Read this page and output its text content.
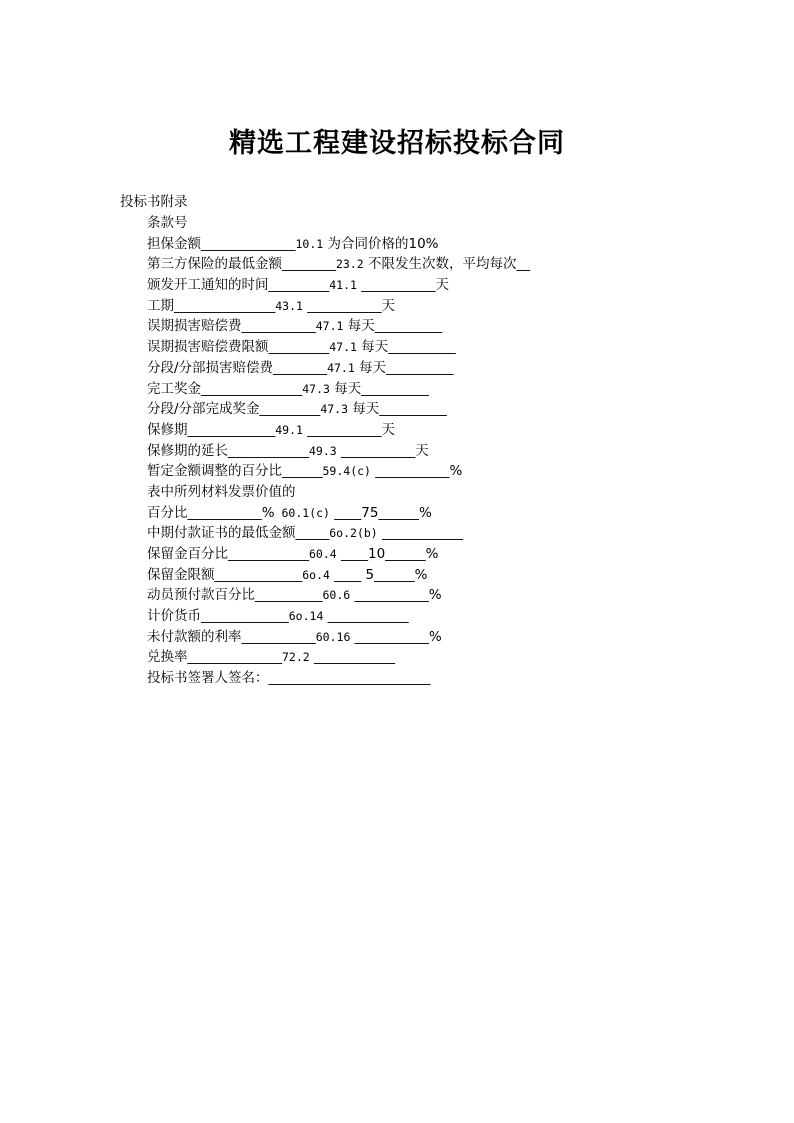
精选工程建设招标投标合同
投标书附录
条款号
担保金额______________10.1 为合同价格的10%
第三方保险的最低金额________23.2 不限发生次数，平均每次__
颁发开工通知的时间_________41.1 ___________天
工期_______________43.1 ___________天
误期损害赔偿费___________47.1 每天__________
误期损害赔偿费限额_________47.1 每天__________
分段/分部损害赔偿费________47.1 每天__________
完工奖金_______________47.3 每天__________
分段/分部完成奖金_________47.3 每天__________
保修期_____________49.1 ___________天
保修期的延长____________49.3 ___________天
暂定金额调整的百分比______59.4(c) ___________%
表中所列材料发票价值的
百分比___________% 60.1(c) ____75______%
中期付款证书的最低金额_____6o.2(b) ____________
保留金百分比____________60.4 ____10______%
保留金限额_____________6o.4 ____ 5______%
动员预付款百分比__________60.6 ___________%
计价货币_____________6o.14 ____________
未付款额的利率___________60.16 ___________%
兑换率______________72.2 ____________
投标书签署人签名：________________________
